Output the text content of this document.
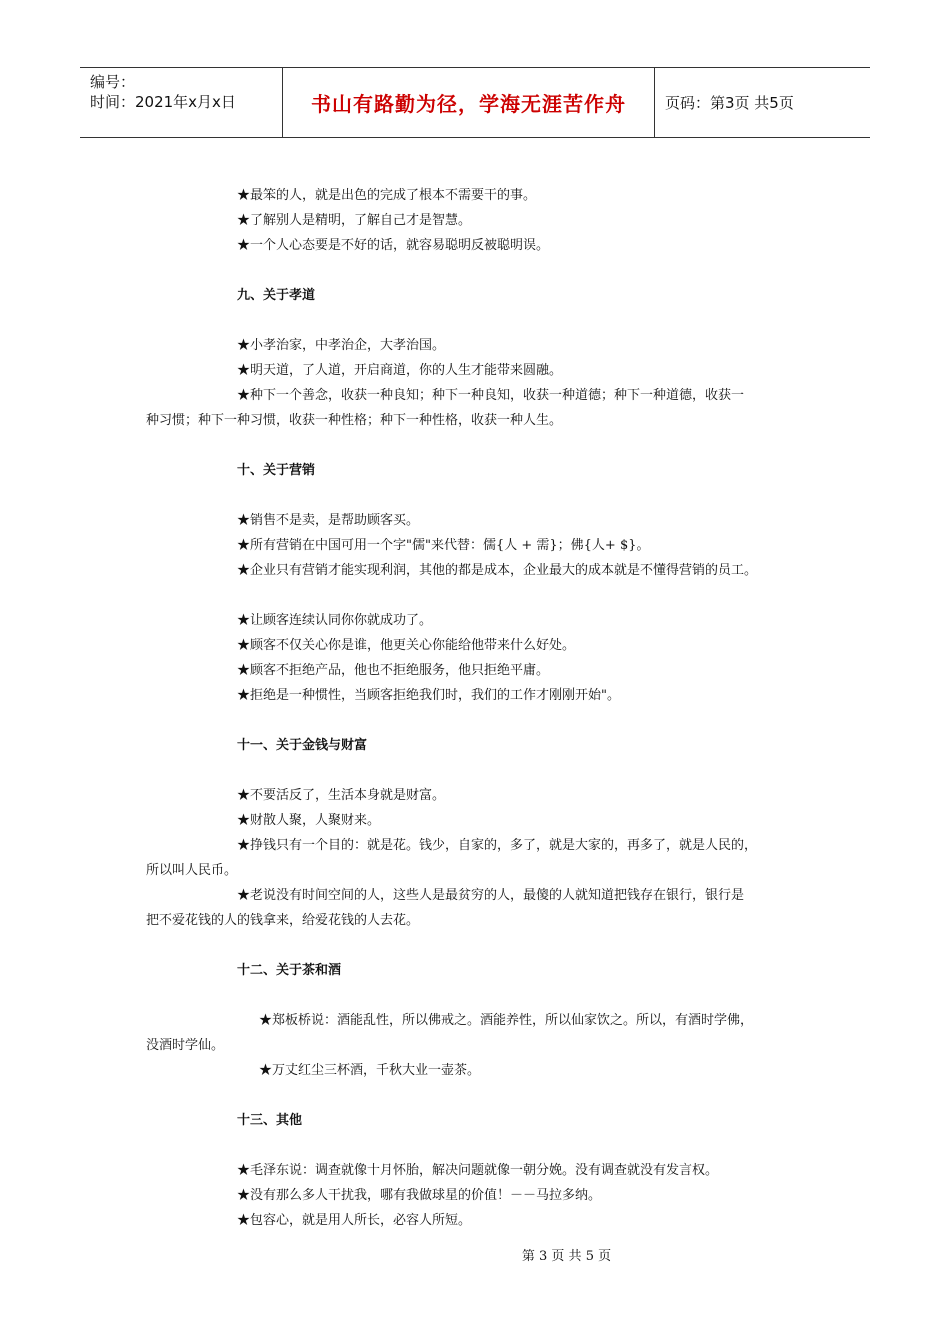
编号：
时间：2021年x月x日	书山有路勤为径，学海无涯苦作舟	页码：第3页 共5页

★最笨的人，就是出色的完成了根本不需要干的事。

★了解别人是精明，了解自己才是智慧。

★一个人心态要是不好的话，就容易聪明反被聪明误。

九、关于孝道

★小孝治家，中孝治企，大孝治国。

★明天道，了人道，开启商道，你的人生才能带来圆融。

★种下一个善念，收获一种良知；种下一种良知，收获一种道德；种下一种道德，收获一

种习惯；种下一种习惯，收获一种性格；种下一种性格，收获一种人生。

十、关于营销

★销售不是卖，是帮助顾客买。

★所有营销在中国可用一个字"儒"来代替：儒{人 + 需}；佛{人+ $}。

★企业只有营销才能实现利润，其他的都是成本，企业最大的成本就是不懂得营销的员工。

★让顾客连续认同你你就成功了。

★顾客不仅关心你是谁，他更关心你能给他带来什么好处。

★顾客不拒绝产品，他也不拒绝服务，他只拒绝平庸。

★拒绝是一种惯性，当顾客拒绝我们时，我们的工作才刚刚开始"。

十一、关于金钱与财富

★不要活反了，生活本身就是财富。

★财散人聚，人聚财来。

★挣钱只有一个目的：就是花。钱少，自家的，多了，就是大家的，再多了，就是人民的，

所以叫人民币。

★老说没有时间空间的人，这些人是最贫穷的人，最傻的人就知道把钱存在银行，银行是

把不爱花钱的人的钱拿来，给爱花钱的人去花。

十二、关于茶和酒

★郑板桥说：酒能乱性，所以佛戒之。酒能养性，所以仙家饮之。所以，有酒时学佛，

没酒时学仙。

★万丈红尘三杯酒，千秋大业一壶茶。

十三、其他

★毛泽东说：调查就像十月怀胎，解决问题就像一朝分娩。没有调查就没有发言权。

★没有那么多人干扰我，哪有我做球星的价值！－－马拉多纳。

★包容心，就是用人所长，必容人所短。

第 3 页 共 5 页
